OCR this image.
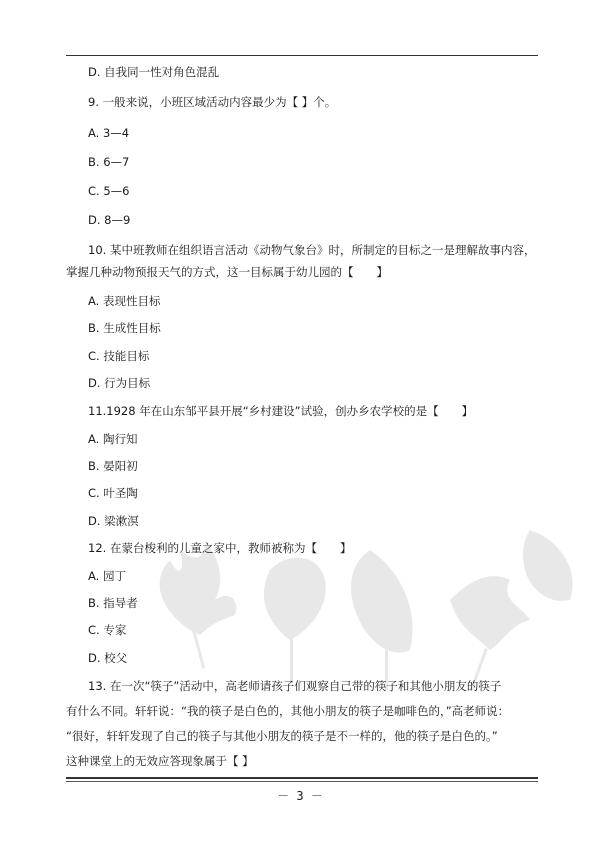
D. 自我同一性对角色混乱
9. 一般来说，小班区域活动内容最少为【 】个。
A. 3—4
B. 6—7
C. 5—6
D. 8—9
10. 某中班教师在组织语言活动《动物气象台》时，所制定的目标之一是理解故事内容，
掌握几种动物预报天气的方式，这一目标属于幼儿园的【　　】
A. 表现性目标
B. 生成性目标
C. 技能目标
D. 行为目标
11.1928 年在山东邹平县开展“乡村建设”试验，创办乡农学校的是【　　】
A. 陶行知
B. 晏阳初
C. 叶圣陶
D. 梁漱溟
12. 在蒙台梭利的儿童之家中，教师被称为【　　】
A. 园丁
B. 指导者
C. 专家
D. 校父
13. 在一次“筷子”活动中，高老师请孩子们观察自己带的筷子和其他小朋友的筷子
有什么不同。轩轩说：“我的筷子是白色的，其他小朋友的筷子是咖啡色的，”高老师说：
“很好，轩轩发现了自己的筷子与其他小朋友的筷子是不一样的，他的筷子是白色的。”
这种课堂上的无效应答现象属于【 】
－ 3 －
